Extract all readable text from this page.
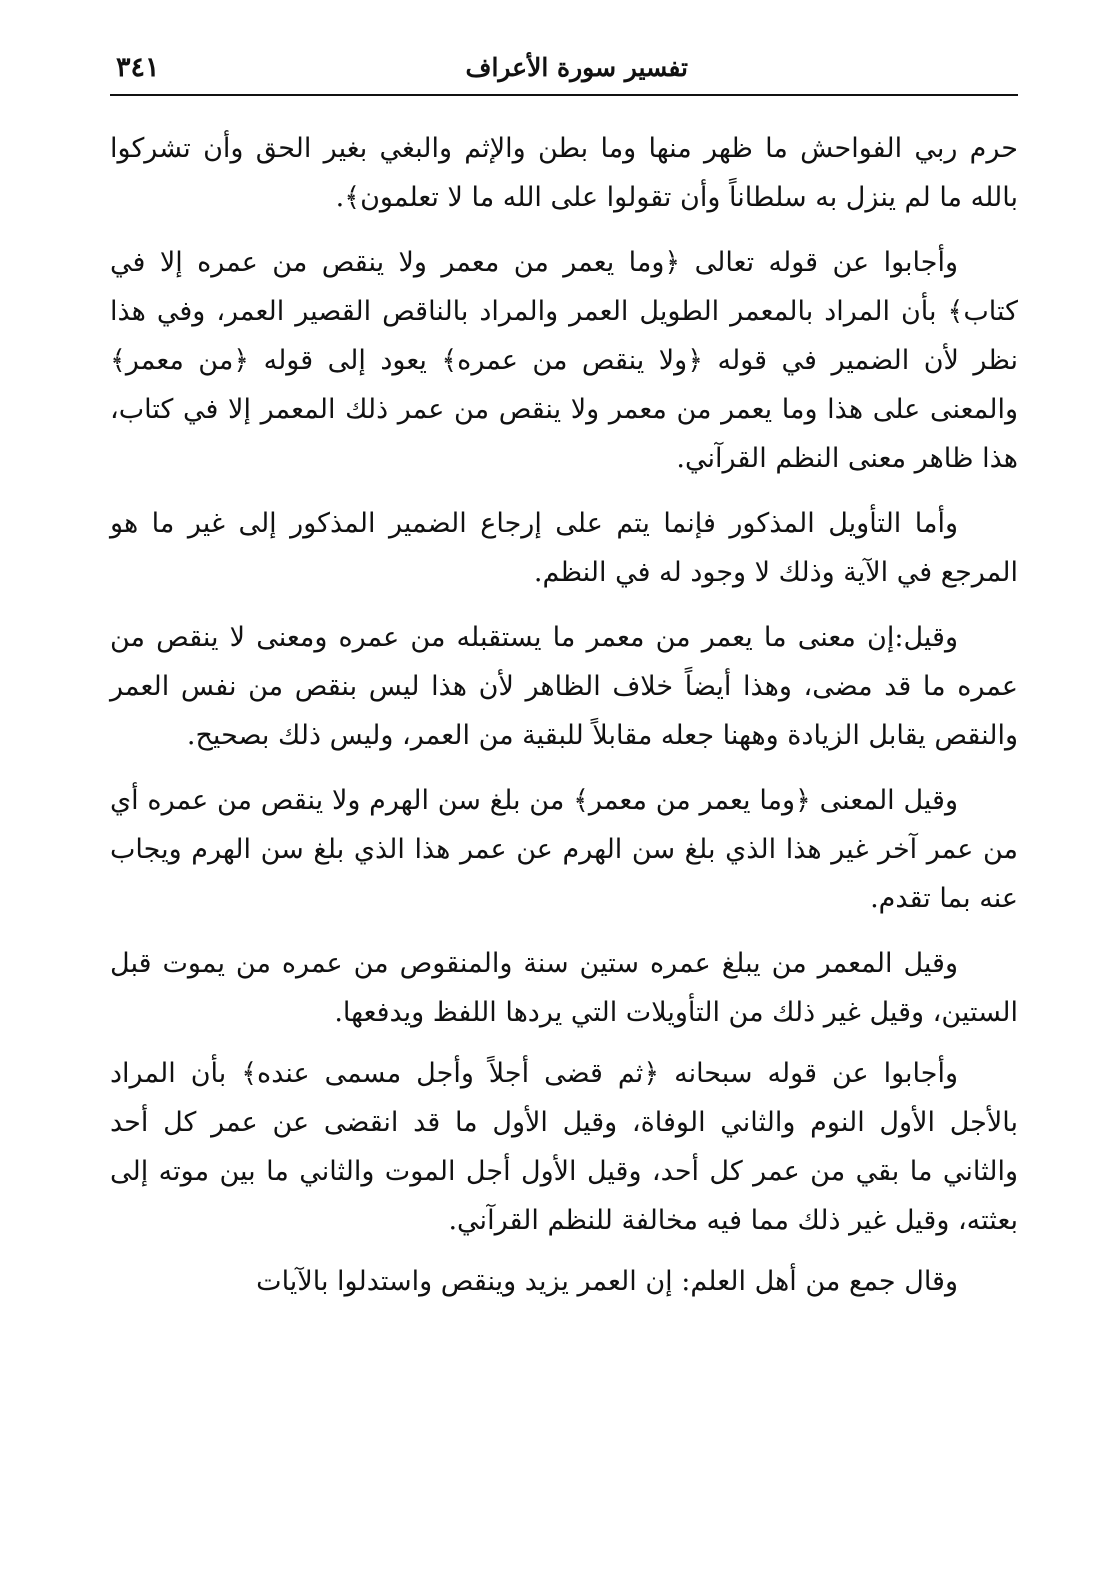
تفسير سورة الأعراف
٣٤١

حرم ربي الفواحش ما ظهر منها وما بطن والإثم والبغي بغير الحق وأن تشركوا بالله ما لم ينزل به سلطاناً وأن تقولوا على الله ما لا تعلمون﴾.

وأجابوا عن قوله تعالى ﴿وما يعمر من معمر ولا ينقص من عمره إلا في كتاب﴾ بأن المراد بالمعمر الطويل العمر والمراد بالناقص القصير العمر، وفي هذا نظر لأن الضمير في قوله ﴿ولا ينقص من عمره﴾ يعود إلى قوله ﴿من معمر﴾ والمعنى على هذا وما يعمر من معمر ولا ينقص من عمر ذلك المعمر إلا في كتاب، هذا ظاهر معنى النظم القرآني.

وأما التأويل المذكور فإنما يتم على إرجاع الضمير المذكور إلى غير ما هو المرجع في الآية وذلك لا وجود له في النظم.

وقيل:إن معنى ما يعمر من معمر ما يستقبله من عمره ومعنى لا ينقص من عمره ما قد مضى، وهذا أيضاً خلاف الظاهر لأن هذا ليس بنقص من نفس العمر والنقص يقابل الزيادة وههنا جعله مقابلاً للبقية من العمر، وليس ذلك بصحيح.

وقيل المعنى ﴿وما يعمر من معمر﴾ من بلغ سن الهرم ولا ينقص من عمره أي من عمر آخر غير هذا الذي بلغ سن الهرم عن عمر هذا الذي بلغ سن الهرم ويجاب عنه بما تقدم.

وقيل المعمر من يبلغ عمره ستين سنة والمنقوص من عمره من يموت قبل الستين، وقيل غير ذلك من التأويلات التي يردها اللفظ ويدفعها.

وأجابوا عن قوله سبحانه ﴿ثم قضى أجلاً وأجل مسمى عنده﴾ بأن المراد بالأجل الأول النوم والثاني الوفاة، وقيل الأول ما قد انقضى عن عمر كل أحد والثاني ما بقي من عمر كل أحد، وقيل الأول أجل الموت والثاني ما بين موته إلى بعثته، وقيل غير ذلك مما فيه مخالفة للنظم القرآني.

وقال جمع من أهل العلم: إن العمر يزيد وينقص واستدلوا بالآيات
